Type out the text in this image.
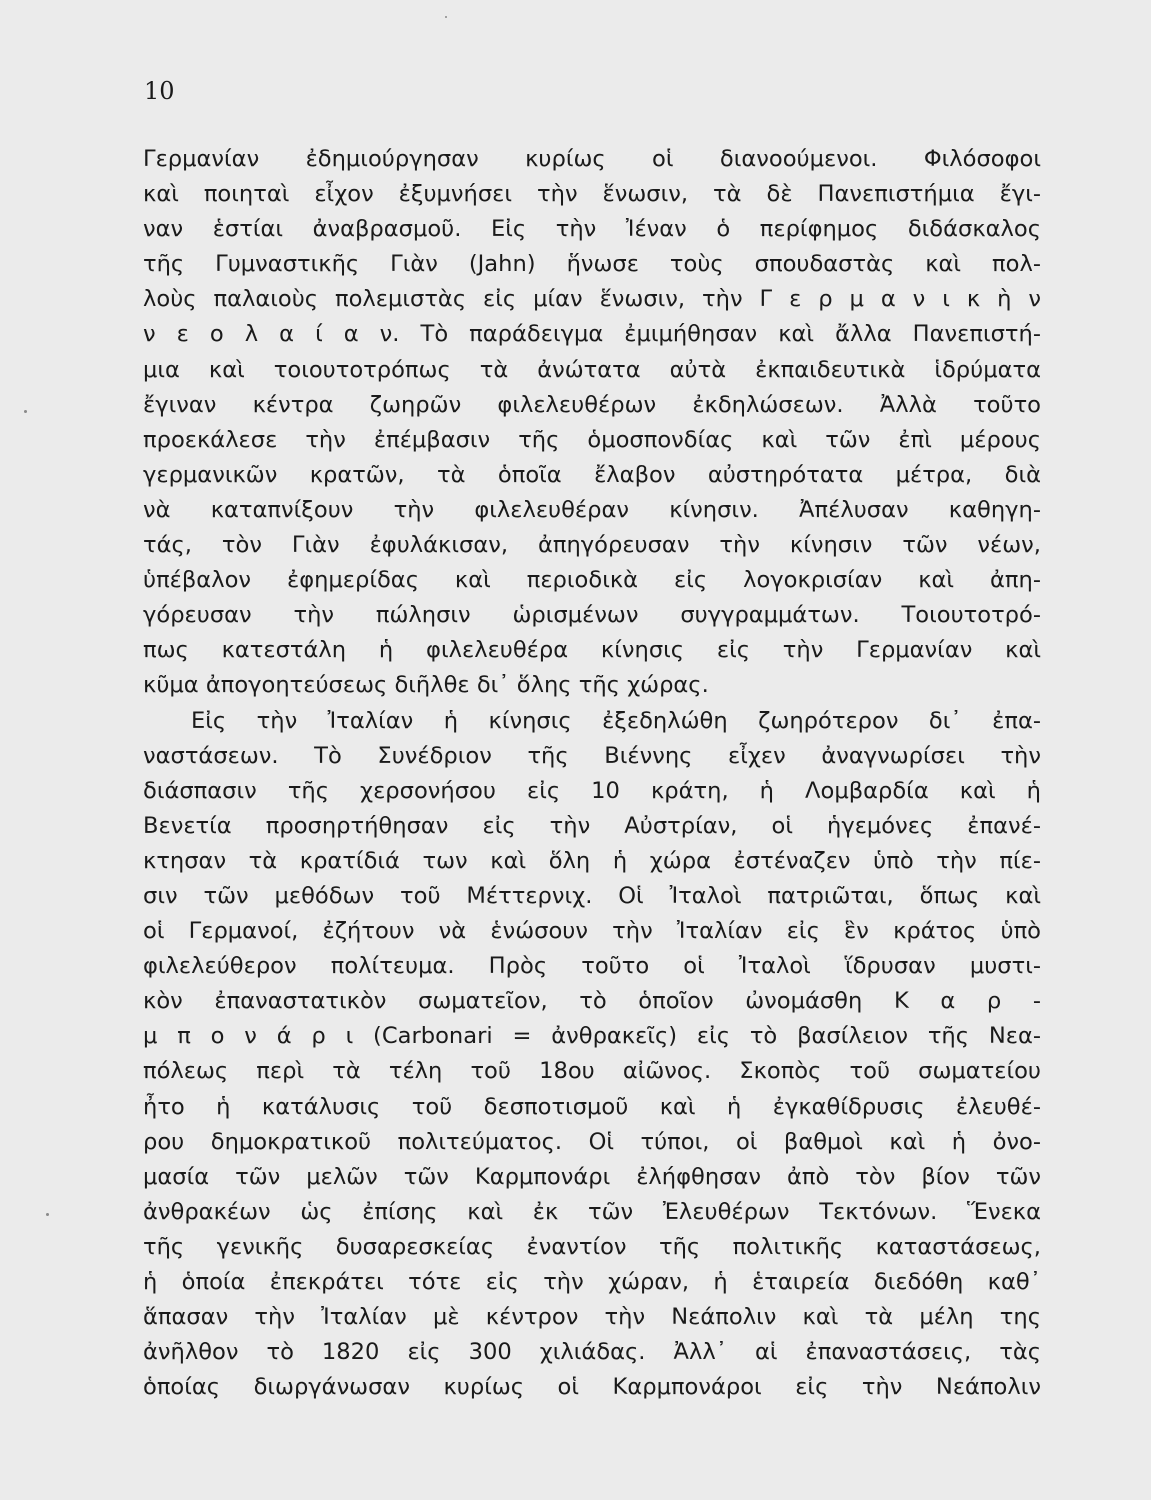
10
Γερμανίαν ἐδημιούργησαν κυρίως οἱ διανοούμενοι. Φιλόσοφοι
καὶ ποιηταὶ εἶχον ἐξυμνήσει τὴν ἕνωσιν, τὰ δὲ Πανεπιστήμια ἔγι-
ναν ἑστίαι ἀναβρασμοῦ. Εἰς τὴν Ἰέναν ὁ περίφημος διδάσκαλος
τῆς Γυμναστικῆς Γιὰν (Jahn) ἥνωσε τοὺς σπουδαστὰς καὶ πολ-
λοὺς παλαιοὺς πολεμιστὰς εἰς μίαν ἕνωσιν, τὴν Γ ε ρ μ α ν ι κ ὴ ν
ν ε ο λ α ί α ν. Τὸ παράδειγμα ἐμιμήθησαν καὶ ἄλλα Πανεπιστή-
μια καὶ τοιουτοτρόπως τὰ ἀνώτατα αὐτὰ ἐκπαιδευτικὰ ἱδρύματα
ἔγιναν κέντρα ζωηρῶν φιλελευθέρων ἐκδηλώσεων. Ἀλλὰ τοῦτο
προεκάλεσε τὴν ἐπέμβασιν τῆς ὁμοσπονδίας καὶ τῶν ἐπὶ μέρους
γερμανικῶν κρατῶν, τὰ ὁποῖα ἔλαβον αὐστηρότατα μέτρα, διὰ
νὰ καταπνίξουν τὴν φιλελευθέραν κίνησιν. Ἀπέλυσαν καθηγη-
τάς, τὸν Γιὰν ἐφυλάκισαν, ἀπηγόρευσαν τὴν κίνησιν τῶν νέων,
ὑπέβαλον ἐφημερίδας καὶ περιοδικὰ εἰς λογοκρισίαν καὶ ἀπη-
γόρευσαν τὴν πώλησιν ὡρισμένων συγγραμμάτων. Τοιουτοτρό-
πως κατεστάλη ἡ φιλελευθέρα κίνησις εἰς τὴν Γερμανίαν καὶ
κῦμα ἀπογοητεύσεως διῆλθε δι᾿ ὅλης τῆς χώρας.
Εἰς τὴν Ἰταλίαν ἡ κίνησις ἐξεδηλώθη ζωηρότερον δι᾿ ἐπα-
ναστάσεων. Τὸ Συνέδριον τῆς Βιέννης εἶχεν ἀναγνωρίσει τὴν
διάσπασιν τῆς χερσονήσου εἰς 10 κράτη, ἡ Λομβαρδία καὶ ἡ
Βενετία προσηρτήθησαν εἰς τὴν Αὐστρίαν, οἱ ἡγεμόνες ἐπανέ-
κτησαν τὰ κρατίδιά των καὶ ὅλη ἡ χώρα ἐστέναζεν ὑπὸ τὴν πίε-
σιν τῶν μεθόδων τοῦ Μέττερνιχ. Οἱ Ἰταλοὶ πατριῶται, ὅπως καὶ
οἱ Γερμανοί, ἐζήτουν νὰ ἑνώσουν τὴν Ἰταλίαν εἰς ἓν κράτος ὑπὸ
φιλελεύθερον πολίτευμα. Πρὸς τοῦτο οἱ Ἰταλοὶ ἵδρυσαν μυστι-
κὸν ἐπαναστατικὸν σωματεῖον, τὸ ὁποῖον ὠνομάσθη Κ α ρ -
μ π ο ν ά ρ ι (Carbonari = ἀνθρακεῖς) εἰς τὸ βασίλειον τῆς Νεα-
πόλεως περὶ τὰ τέλη τοῦ 18ου αἰῶνος. Σκοπὸς τοῦ σωματείου
ἦτο ἡ κατάλυσις τοῦ δεσποτισμοῦ καὶ ἡ ἐγκαθίδρυσις ἐλευθέ-
ρου δημοκρατικοῦ πολιτεύματος. Οἱ τύποι, οἱ βαθμοὶ καὶ ἡ ὀνο-
μασία τῶν μελῶν τῶν Καρμπονάρι ἐλήφθησαν ἀπὸ τὸν βίον τῶν
ἀνθρακέων ὡς ἐπίσης καὶ ἐκ τῶν Ἐλευθέρων Τεκτόνων. Ἕνεκα
τῆς γενικῆς δυσαρεσκείας ἐναντίον τῆς πολιτικῆς καταστάσεως,
ἡ ὁποία ἐπεκράτει τότε εἰς τὴν χώραν, ἡ ἑταιρεία διεδόθη καθ᾿
ἅπασαν τὴν Ἰταλίαν μὲ κέντρον τὴν Νεάπολιν καὶ τὰ μέλη της
ἀνῆλθον τὸ 1820 εἰς 300 χιλιάδας. Ἀλλ᾿ αἱ ἐπαναστάσεις, τὰς
ὁποίας διωργάνωσαν κυρίως οἱ Καρμπονάροι εἰς τὴν Νεάπολιν
